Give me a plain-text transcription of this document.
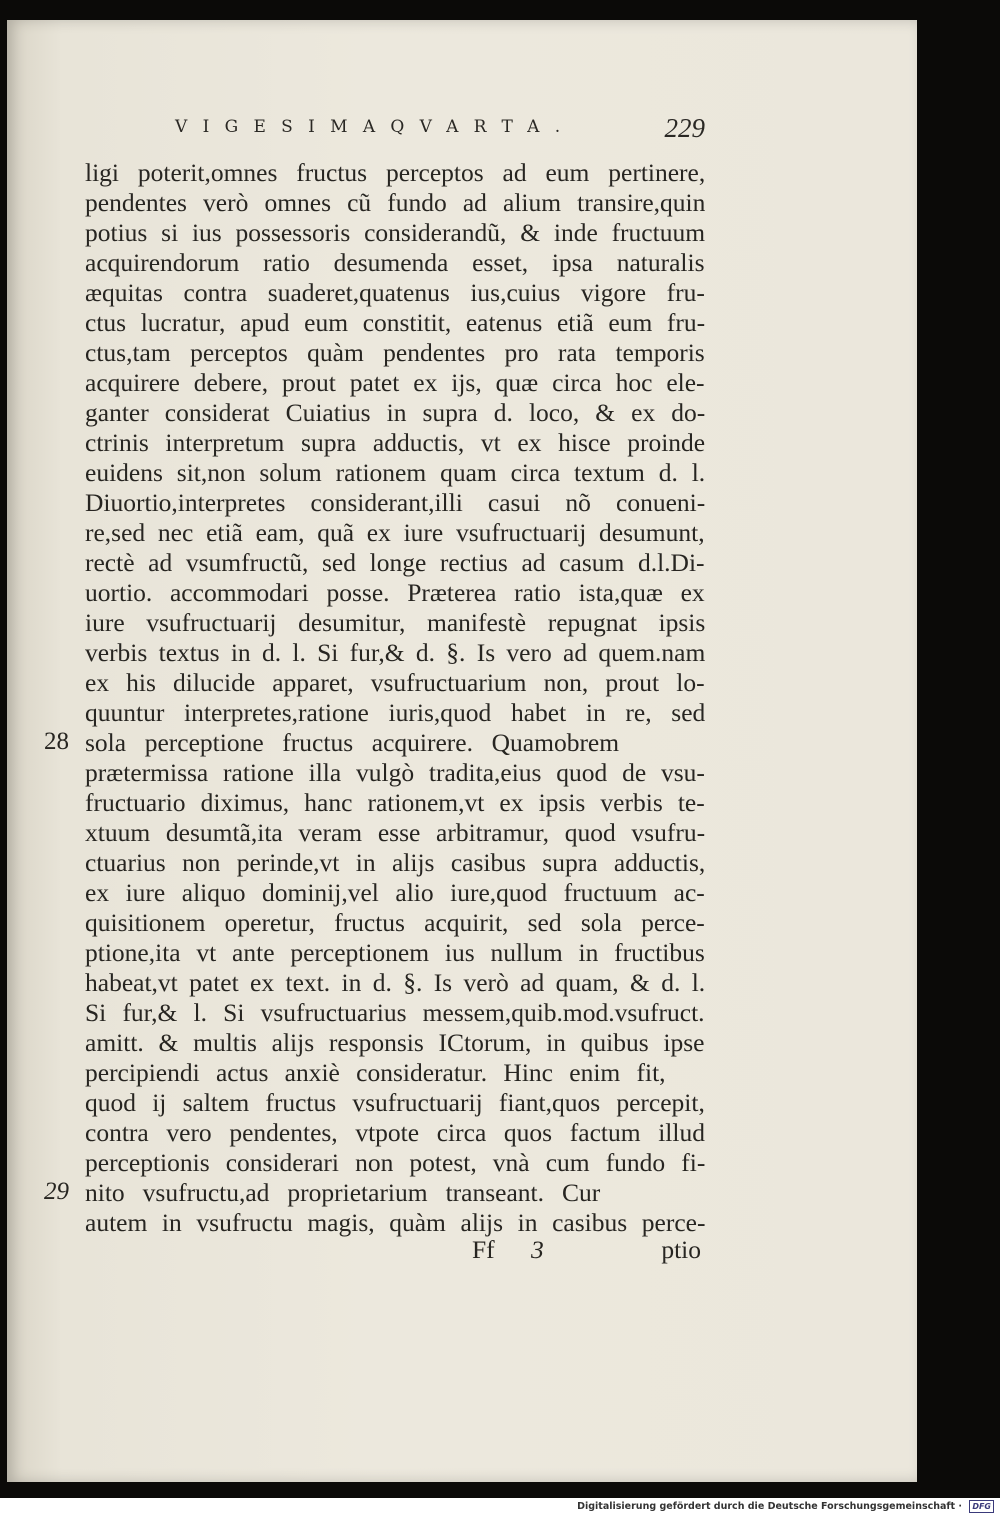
VIGESIMAQVARTA.	229
28
29
ligi poterit,omnes fructus perceptos ad eum pertinere,
pendentes verò omnes cũ fundo ad alium transire,quin
potius si ius possessoris considerandũ, & inde fructuum
acquirendorum ratio desumenda esset, ipsa naturalis
æquitas contra suaderet,quatenus ius,cuius vigore fru-
ctus lucratur, apud eum constitit, eatenus etiã eum fru-
ctus,tam perceptos quàm pendentes pro rata temporis
acquirere debere, prout patet ex ijs, quæ circa hoc ele-
ganter considerat Cuiatius in supra d. loco, & ex do-
ctrinis interpretum supra adductis, vt ex hisce proinde
euidens sit,non solum rationem quam circa textum d. l.
Diuortio,interpretes considerant,illi casui nõ conueni-
re,sed nec etiã eam, quã ex iure vsufructuarij desumunt,
rectè ad vsumfructũ, sed longe rectius ad casum d.l.Di-
uortio. accommodari posse. Præterea ratio ista,quæ ex
iure vsufructuarij desumitur, manifestè repugnat ipsis
verbis textus in d. l. Si fur,& d. §. Is vero ad quem.nam
ex his dilucide apparet, vsufructuarium non, prout lo-
quuntur interpretes,ratione iuris,quod habet in re, sed
sola perceptione fructus acquirere. Quamobrem
prætermissa ratione illa vulgò tradita,eius quod de vsu-
fructuario diximus, hanc rationem,vt ex ipsis verbis te-
xtuum desumtã,ita veram esse arbitramur, quod vsufru-
ctuarius non perinde,vt in alijs casibus supra adductis,
ex iure aliquo dominij,vel alio iure,quod fructuum ac-
quisitionem operetur, fructus acquirit, sed sola perce-
ptione,ita vt ante perceptionem ius nullum in fructibus
habeat,vt patet ex text. in d. §. Is verò ad quam, & d. l.
Si fur,& l. Si vsufructuarius messem,quib.mod.vsufruct.
amitt. & multis alijs responsis ICtorum, in quibus ipse
percipiendi actus anxiè consideratur. Hinc enim fit,
quod ij saltem fructus vsufructuarij fiant,quos percepit,
contra vero pendentes, vtpote circa quos factum illud
perceptionis considerari non potest, vnà cum fundo fi-
nito vsufructu,ad proprietarium transeant. Cur
autem in vsufructu magis, quàm alijs in casibus perce-
Ff 3	ptio
Digitalisierung gefördert durch die Deutsche Forschungsgemeinschaft · DFG
